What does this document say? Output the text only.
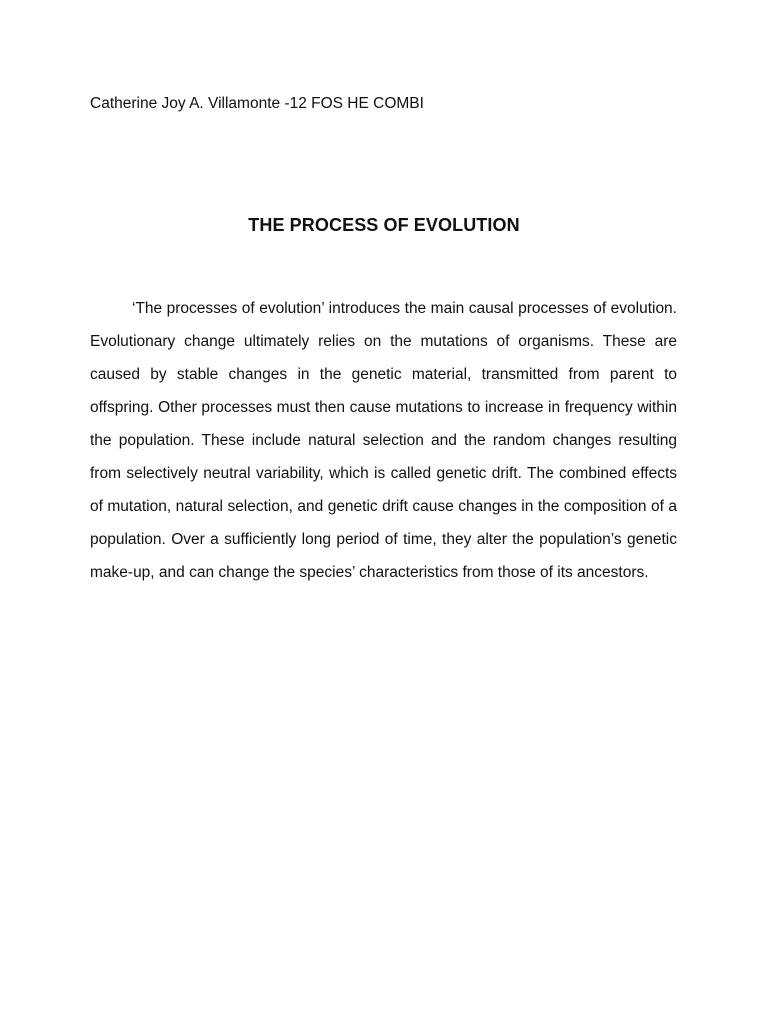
Catherine Joy A. Villamonte -12 FOS HE COMBI
THE PROCESS OF EVOLUTION

‘The processes of evolution’ introduces the main causal processes of evolution. Evolutionary change ultimately relies on the mutations of organisms. These are caused by stable changes in the genetic material, transmitted from parent to offspring. Other processes must then cause mutations to increase in frequency within the population. These include natural selection and the random changes resulting from selectively neutral variability, which is called genetic drift. The combined effects of mutation, natural selection, and genetic drift cause changes in the composition of a population. Over a sufficiently long period of time, they alter the population’s genetic make-up, and can change the species’ characteristics from those of its ancestors.
